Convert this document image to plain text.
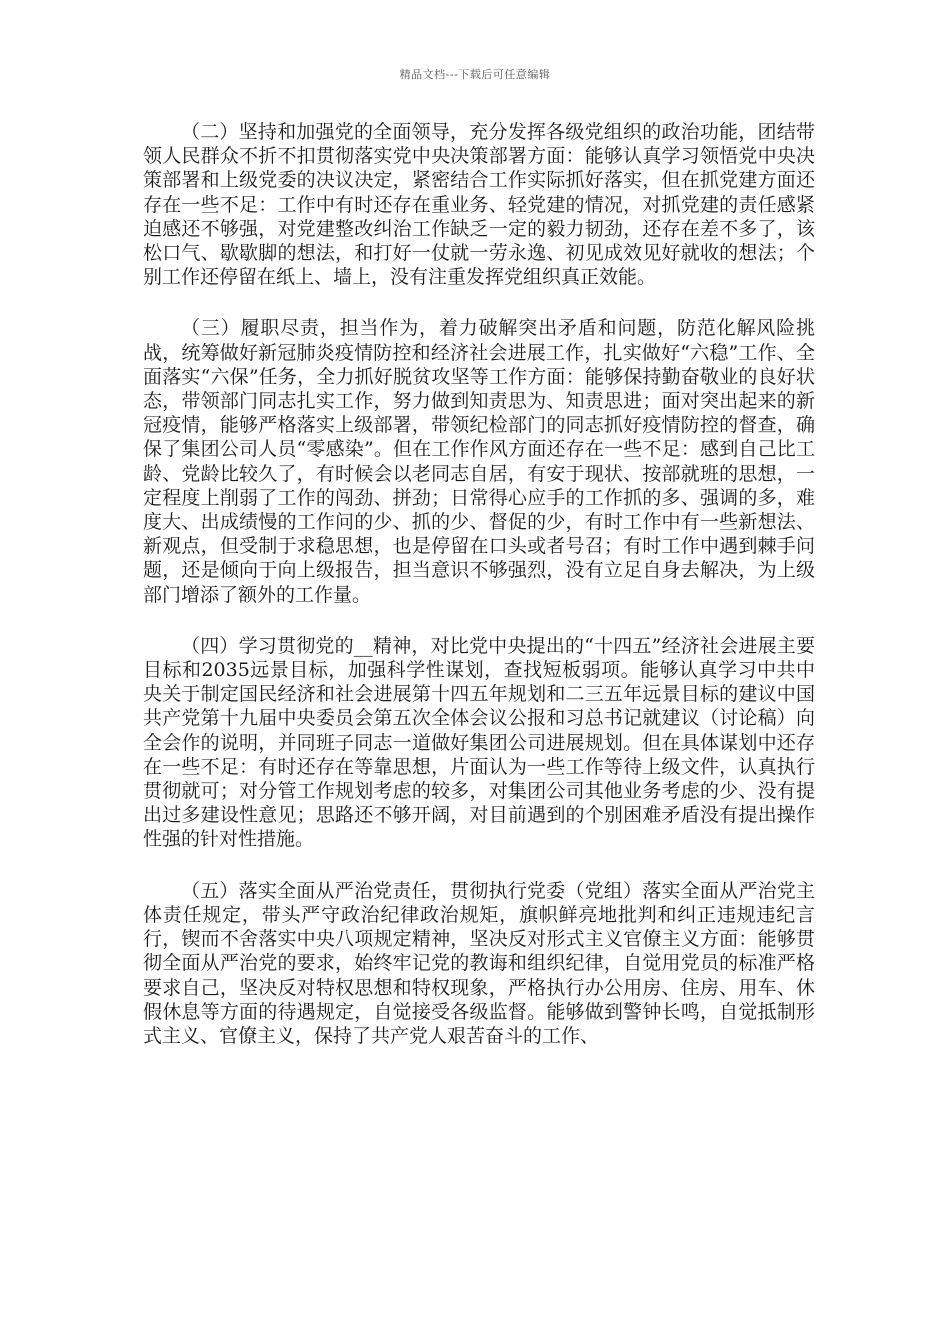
精品文档---下载后可任意编辑

（二）坚持和加强党的全面领导，充分发挥各级党组织的政治功能，团结带领人民群众不折不扣贯彻落实党中央决策部署方面：能够认真学习领悟党中央决策部署和上级党委的决议决定，紧密结合工作实际抓好落实，但在抓党建方面还存在一些不足：工作中有时还存在重业务、轻党建的情况，对抓党建的责任感紧迫感还不够强，对党建整改纠治工作缺乏一定的毅力韧劲，还存在差不多了，该松口气、歇歇脚的想法，和打好一仗就一劳永逸、初见成效见好就收的想法；个别工作还停留在纸上、墙上，没有注重发挥党组织真正效能。

（三）履职尽责，担当作为，着力破解突出矛盾和问题，防范化解风险挑战，统筹做好新冠肺炎疫情防控和经济社会进展工作，扎实做好“六稳”工作、全面落实“六保”任务，全力抓好脱贫攻坚等工作方面：能够保持勤奋敬业的良好状态，带领部门同志扎实工作，努力做到知责思为、知责思进；面对突出起来的新冠疫情，能够严格落实上级部署，带领纪检部门的同志抓好疫情防控的督查，确保了集团公司人员“零感染”。但在工作作风方面还存在一些不足：感到自己比工龄、党龄比较久了，有时候会以老同志自居，有安于现状、按部就班的思想，一定程度上削弱了工作的闯劲、拼劲；日常得心应手的工作抓的多、强调的多，难度大、出成绩慢的工作问的少、抓的少、督促的少，有时工作中有一些新想法、新观点，但受制于求稳思想，也是停留在口头或者号召；有时工作中遇到棘手问题，还是倾向于向上级报告，担当意识不够强烈，没有立足自身去解决，为上级部门增添了额外的工作量。

（四）学习贯彻党的__精神，对比党中央提出的“十四五”经济社会进展主要目标和2035远景目标，加强科学性谋划，查找短板弱项。能够认真学习中共中央关于制定国民经济和社会进展第十四五年规划和二三五年远景目标的建议中国共产党第十九届中央委员会第五次全体会议公报和习总书记就建议（讨论稿）向全会作的说明，并同班子同志一道做好集团公司进展规划。但在具体谋划中还存在一些不足：有时还存在等靠思想，片面认为一些工作等待上级文件，认真执行贯彻就可；对分管工作规划考虑的较多，对集团公司其他业务考虑的少、没有提出过多建设性意见；思路还不够开阔，对目前遇到的个别困难矛盾没有提出操作性强的针对性措施。

（五）落实全面从严治党责任，贯彻执行党委（党组）落实全面从严治党主体责任规定，带头严守政治纪律政治规矩，旗帜鲜亮地批判和纠正违规违纪言行，锲而不舍落实中央八项规定精神，坚决反对形式主义官僚主义方面：能够贯彻全面从严治党的要求，始终牢记党的教诲和组织纪律，自觉用党员的标准严格要求自己，坚决反对特权思想和特权现象，严格执行办公用房、住房、用车、休假休息等方面的待遇规定，自觉接受各级监督。能够做到警钟长鸣，自觉抵制形式主义、官僚主义，保持了共产党人艰苦奋斗的工作、
